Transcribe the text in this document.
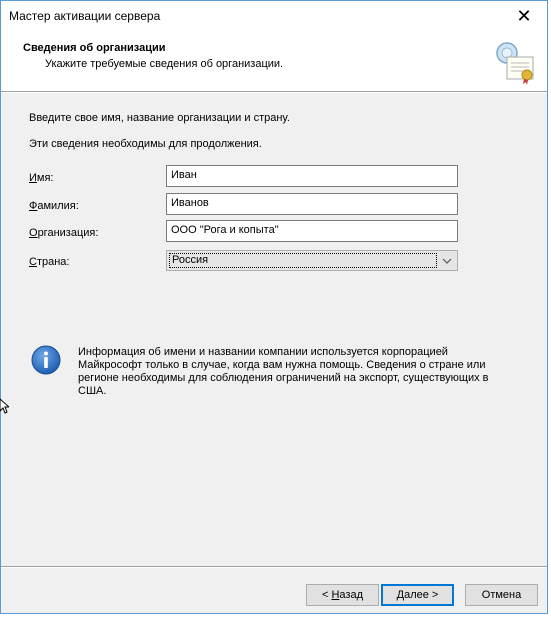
Мастер активации сервера	✕
Сведения об организации
Укажите требуемые сведения об организации.
Введите свое имя, название организации и страну.
Эти сведения необходимы для продолжения.
Имя:	Иван
Фамилия:	Иванов
Организация:	ООО "Рога и копыта"
Страна:	Россия
Информация об имени и названии компании используется корпорацией Майкрософт только в случае, когда вам нужна помощь. Сведения о стране или регионе необходимы для соблюдения ограничений на экспорт, существующих в США.
< Назад	Далее >	Отмена
